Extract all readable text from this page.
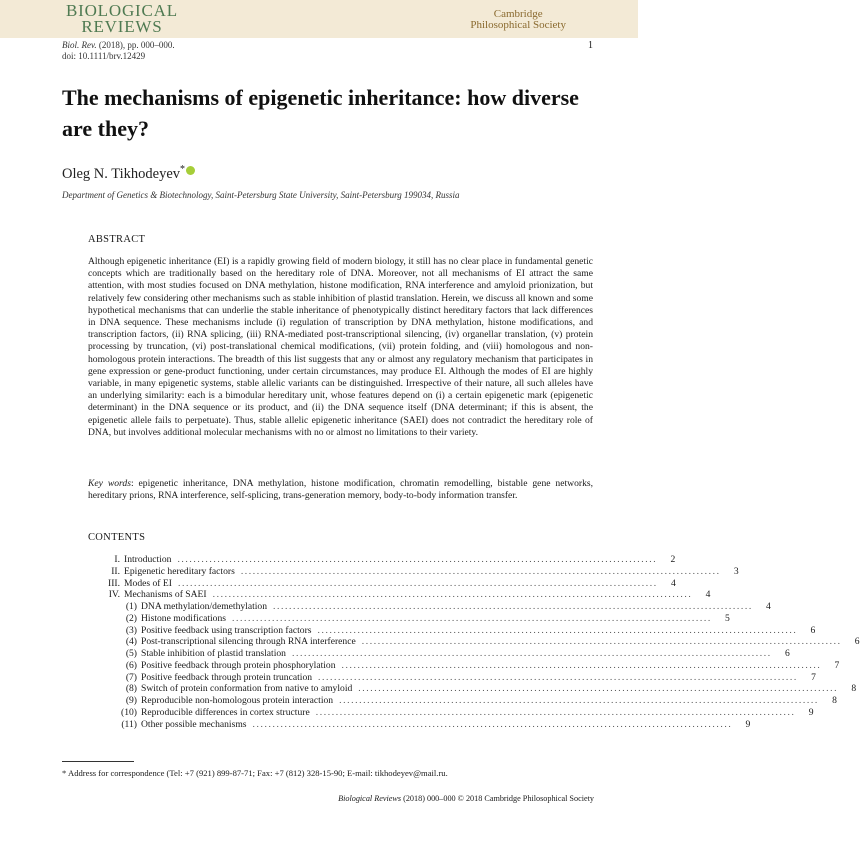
BIOLOGICAL
REVIEWS
Cambridge
Philosophical Society
Biol. Rev. (2018), pp. 000–000.
doi: 10.1111/brv.12429
1
The mechanisms of epigenetic inheritance: how diverse are they?
Oleg N. Tikhodeyev *
Department of Genetics & Biotechnology, Saint-Petersburg State University, Saint-Petersburg 199034, Russia
ABSTRACT
Although epigenetic inheritance (EI) is a rapidly growing field of modern biology, it still has no clear place in fundamental genetic concepts which are traditionally based on the hereditary role of DNA. Moreover, not all mechanisms of EI attract the same attention, with most studies focused on DNA methylation, histone modification, RNA interference and amyloid prionization, but relatively few considering other mechanisms such as stable inhibition of plastid translation. Herein, we discuss all known and some hypothetical mechanisms that can underlie the stable inheritance of phenotypically distinct hereditary factors that lack differences in DNA sequence. These mechanisms include (i) regulation of transcription by DNA methylation, histone modifications, and transcription factors, (ii) RNA splicing, (iii) RNA-mediated post-transcriptional silencing, (iv) organellar translation, (v) protein processing by truncation, (vi) post-translational chemical modifications, (vii) protein folding, and (viii) homologous and non-homologous protein interactions. The breadth of this list suggests that any or almost any regulatory mechanism that participates in gene expression or gene-product functioning, under certain circumstances, may produce EI. Although the modes of EI are highly variable, in many epigenetic systems, stable allelic variants can be distinguished. Irrespective of their nature, all such alleles have an underlying similarity: each is a bimodular hereditary unit, whose features depend on (i) a certain epigenetic mark (epigenetic determinant) in the DNA sequence or its product, and (ii) the DNA sequence itself (DNA determinant; if this is absent, the epigenetic allele fails to perpetuate). Thus, stable allelic epigenetic inheritance (SAEI) does not contradict the hereditary role of DNA, but involves additional molecular mechanisms with no or almost no limitations to their variety.
Key words: epigenetic inheritance, DNA methylation, histone modification, chromatin remodelling, bistable gene networks, hereditary prions, RNA interference, self-splicing, trans-generation memory, body-to-body information transfer.
CONTENTS
I. Introduction ........................................................................................................................	2
II. Epigenetic hereditary factors ........................................................................................................................	3
III. Modes of EI ........................................................................................................................	4
IV. Mechanisms of SAEI ........................................................................................................................	4
(1) DNA methylation/demethylation ........................................................................................................................	4
(2) Histone modifications ........................................................................................................................	5
(3) Positive feedback using transcription factors ........................................................................................................................	6
(4) Post-transcriptional silencing through RNA interference ........................................................................................................................	6
(5) Stable inhibition of plastid translation ........................................................................................................................	6
(6) Positive feedback through protein phosphorylation ........................................................................................................................	7
(7) Positive feedback through protein truncation ........................................................................................................................	7
(8) Switch of protein conformation from native to amyloid ........................................................................................................................	8
(9) Reproducible non-homologous protein interaction ........................................................................................................................	8
(10) Reproducible differences in cortex structure ........................................................................................................................	9
(11) Other possible mechanisms ........................................................................................................................	9
* Address for correspondence (Tel: +7 (921) 899-87-71; Fax: +7 (812) 328-15-90; E-mail: tikhodeyev@mail.ru.
Biological Reviews (2018) 000–000 © 2018 Cambridge Philosophical Society
